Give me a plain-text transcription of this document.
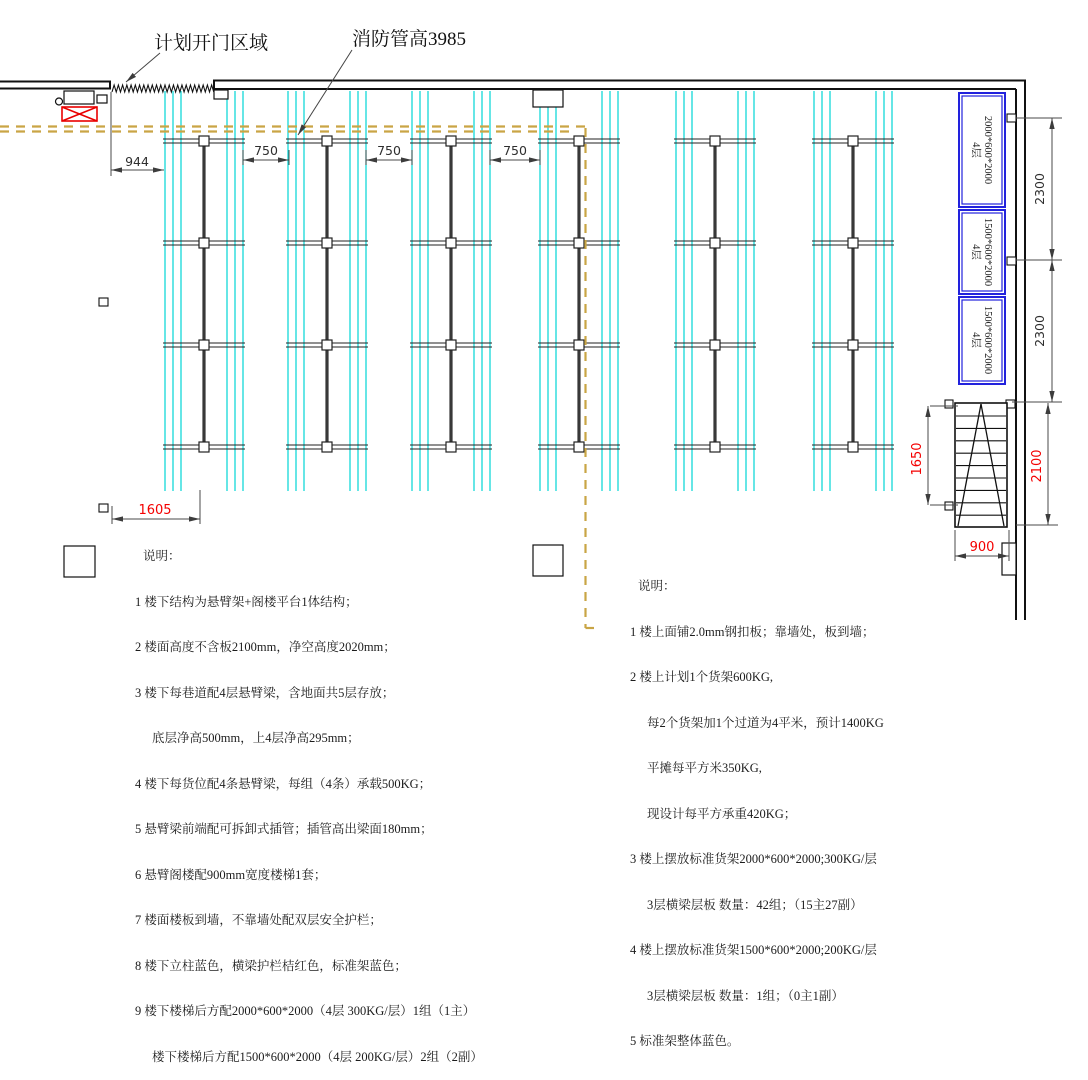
2000*600*2000
4层
1500*600*2000
4层
1500*600*2000
4层
944
750	750	750
1605
2300
2300
1650	2100
900
计划开门区域	消防管高3985

说明：

1 楼下结构为悬臂架+阁楼平台1体结构；

2 楼面高度不含板2100mm，净空高度2020mm；

3 楼下每巷道配4层悬臂梁，含地面共5层存放；

底层净高500mm，上4层净高295mm；

4 楼下每货位配4条悬臂梁，每组（4条）承载500KG；

5 悬臂梁前端配可拆卸式插管；插管高出梁面180mm；

6 悬臂阁楼配900mm宽度楼梯1套；

7 楼面楼板到墙，不靠墙处配双层安全护栏；

8 楼下立柱蓝色，横梁护栏桔红色，标准架蓝色；

9 楼下楼梯后方配2000*600*2000（4层 300KG/层）1组（1主）

楼下楼梯后方配1500*600*2000（4层 200KG/层）2组（2副）

说明：

1 楼上面铺2.0mm钢扣板；靠墙处，板到墙；

2 楼上计划1个货架600KG,

每2个货架加1个过道为4平米，预计1400KG

平摊每平方米350KG,

现设计每平方承重420KG；

3 楼上摆放标准货架2000*600*2000;300KG/层

3层横梁层板 数量：42组；（15主27副）

4 楼上摆放标准货架1500*600*2000;200KG/层

3层横梁层板 数量：1组；（0主1副）

5 标准架整体蓝色。
